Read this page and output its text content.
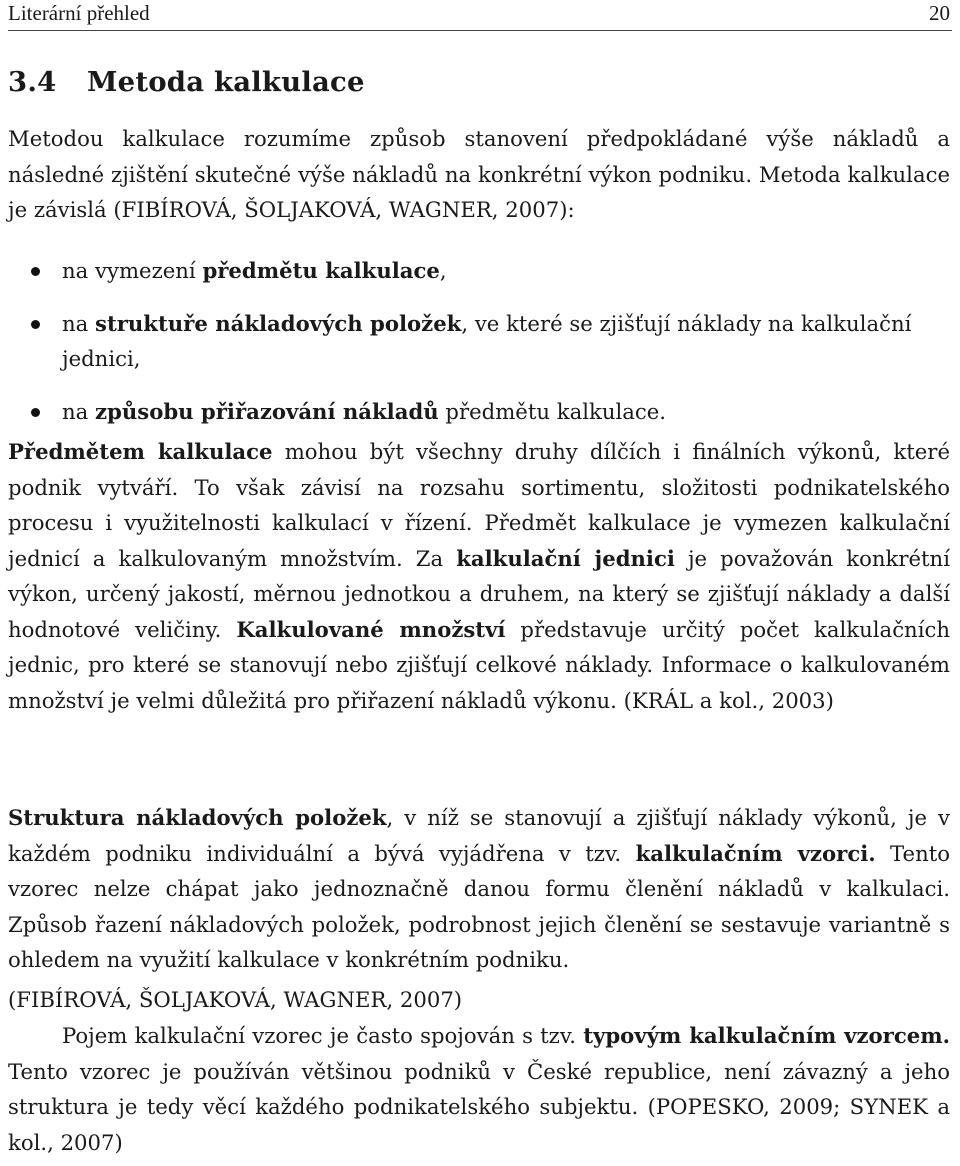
Literární přehled	20
3.4 Metoda kalkulace

Metodou kalkulace rozumíme způsob stanovení předpokládané výše nákladů a následné zjištění skutečné výše nákladů na konkrétní výkon podniku. Metoda kalkulace je závislá (FIBÍROVÁ, ŠOLJAKOVÁ, WAGNER, 2007):

na vymezení předmětu kalkulace,
na struktuře nákladových položek, ve které se zjišťují náklady na kalkulační jednici,
na způsobu přiřazování nákladů předmětu kalkulace.

Předmětem kalkulace mohou být všechny druhy dílčích i finálních výkonů, které podnik vytváří. To však závisí na rozsahu sortimentu, složitosti podnikatelského procesu i využitelnosti kalkulací v řízení. Předmět kalkulace je vymezen kalkulační jednicí a kalkulovaným množstvím. Za kalkulační jednici je považován konkrétní výkon, určený jakostí, měrnou jednotkou a druhem, na který se zjišťují náklady a další hodnotové veličiny. Kalkulované množství představuje určitý počet kalkulačních jednic, pro které se stanovují nebo zjišťují celkové náklady. Informace o kalkulovaném množství je velmi důležitá pro přiřazení nákladů výkonu. (KRÁL a kol., 2003)

Struktura nákladových položek, v níž se stanovují a zjišťují náklady výkonů, je v každém podniku individuální a bývá vyjádřena v tzv. kalkulačním vzorci. Tento vzorec nelze chápat jako jednoznačně danou formu členění nákladů v kalkulaci. Způsob řazení nákladových položek, podrobnost jejich členění se sestavuje variantně s ohledem na využití kalkulace v konkrétním podniku.

(FIBÍROVÁ, ŠOLJAKOVÁ, WAGNER, 2007)

Pojem kalkulační vzorec je často spojován s tzv. typovým kalkulačním vzorcem. Tento vzorec je používán většinou podniků v České republice, není závazný a jeho struktura je tedy věcí každého podnikatelského subjektu. (POPESKO, 2009; SYNEK a kol., 2007)
